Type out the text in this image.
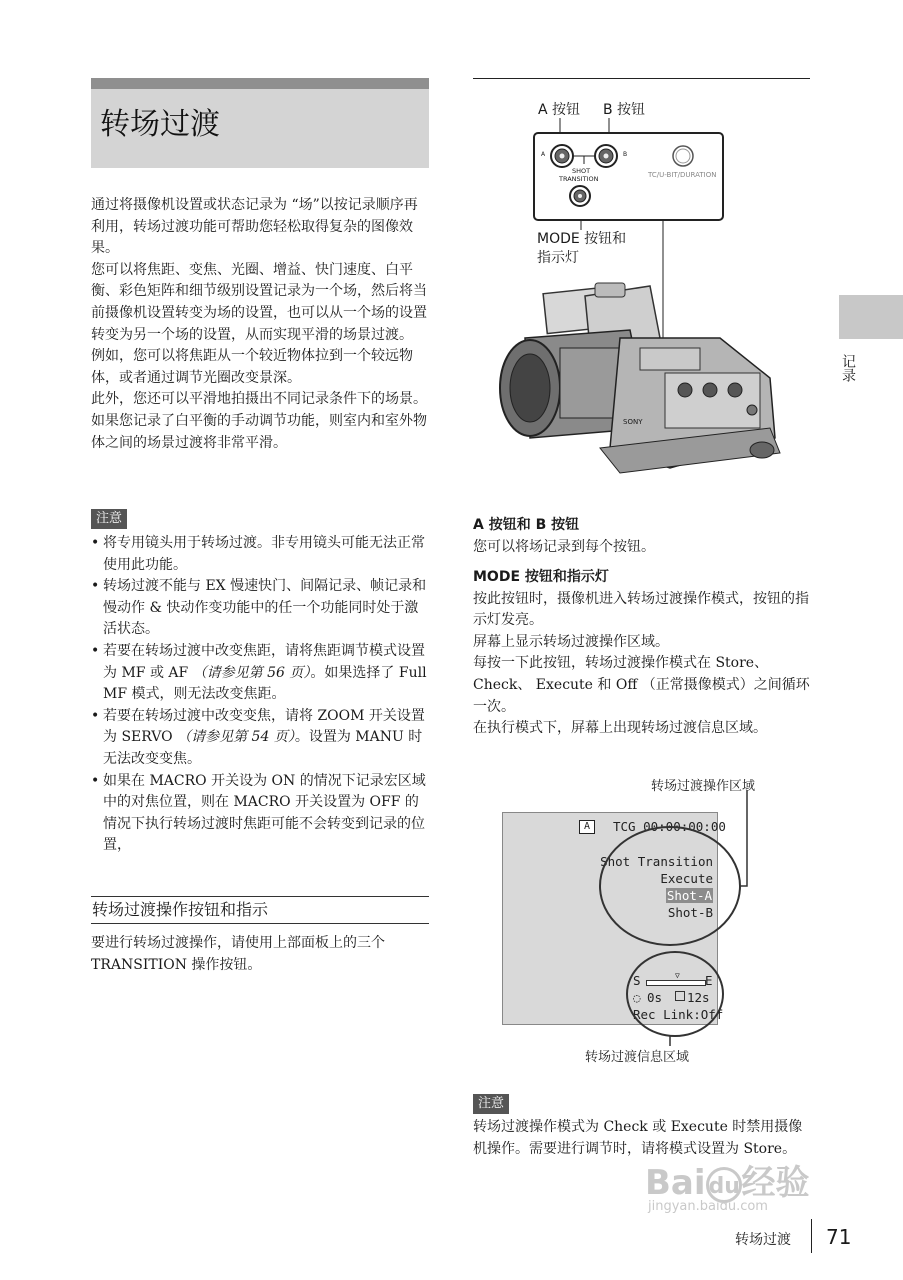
转场过渡

通过将摄像机设置或状态记录为 “场”以按记录顺序再利用，转场过渡功能可帮助您轻松取得复杂的图像效果。

您可以将焦距、变焦、光圈、增益、快门速度、白平衡、彩色矩阵和细节级别设置记录为一个场，然后将当前摄像机设置转变为场的设置，也可以从一个场的设置转变为另一个场的设置，从而实现平滑的场景过渡。

例如，您可以将焦距从一个较近物体拉到一个较远物体，或者通过调节光圈改变景深。

此外，您还可以平滑地拍摄出不同记录条件下的场景。如果您记录了白平衡的手动调节功能，则室内和室外物体之间的场景过渡将非常平滑。

注意
• 将专用镜头用于转场过渡。非专用镜头可能无法正常使用此功能。
• 转场过渡不能与 EX 慢速快门、间隔记录、帧记录和慢动作 & 快动作变功能中的任一个功能同时处于激活状态。
• 若要在转场过渡中改变焦距，请将焦距调节模式设置为 MF 或 AF （请参见第 56 页）。如果选择了 Full MF 模式，则无法改变焦距。
• 若要在转场过渡中改变变焦，请将 ZOOM 开关设置为 SERVO （请参见第 54 页）。设置为 MANU 时无法改变变焦。
• 如果在 MACRO 开关设为 ON 的情况下记录宏区域中的对焦位置，则在 MACRO 开关设置为 OFF 的情况下执行转场过渡时焦距可能不会转变到记录的位置，
转场过渡操作按钮和指示

要进行转场过渡操作，请使用上部面板上的三个 TRANSITION 操作按钮。

A 按钮 B 按钮
A	B
SHOT
TRANSITION	TC/U-BIT/DURATION
MODE 按钮和
指示灯
SONY
A 按钮和 B 按钮

您可以将场记录到每个按钮。

MODE 按钮和指示灯

按此按钮时，摄像机进入转场过渡操作模式，按钮的指示灯发亮。

屏幕上显示转场过渡操作区域。

每按一下此按钮，转场过渡操作模式在 Store、 Check、 Execute 和 Off （正常摄像模式）之间循环一次。

在执行模式下，屏幕上出现转场过渡信息区域。

转场过渡操作区域
A	TCG 00:00:00:00
Shot Transition
Execute
Shot-A
Shot-B
S	▽ E
◌ 0s 12s
Rec Link:Off
转场过渡信息区域
注意

转场过渡操作模式为 Check 或 Execute 时禁用摄像机操作。需要进行调节时，请将模式设置为 Store。

Bai du经验
jingyan.baidu.com
记录
转场过渡 71
